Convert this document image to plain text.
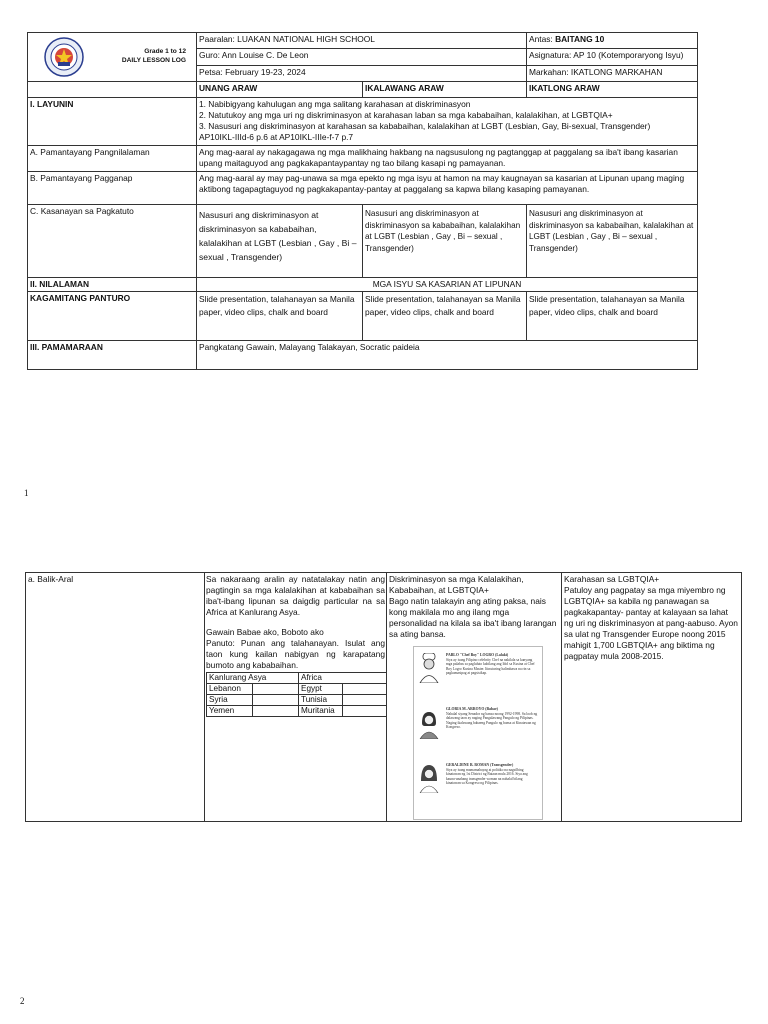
Grade 1 to 12
DAILY LESSON LOG	Paaralan: LUAKAN NATIONAL HIGH SCHOOL		Antas: BAITANG 10
	Guro: Ann Louise C. De Leon		Asignatura: AP 10 (Kotemporaryong Isyu)
	Petsa: February 19-23, 2024		Markahan: IKATLONG MARKAHAN
	UNANG ARAW	IKALAWANG ARAW	IKATLONG ARAW
I. LAYUNIN	1. Nabibigyang kahulugan ang mga salitang karahasan at diskriminasyon
2. Natutukoy ang mga uri ng diskriminasyon at karahasan laban sa mga kababaihan, kalalakihan, at LGBTQIA+
3. Nasusuri ang diskriminasyon at karahasan sa kababaihan, kalalakihan at LGBT (Lesbian, Gay, Bi-sexual, Transgender)
AP10IKL-IIId-6 p.6 at AP10IKL-IIIe-f-7 p.7		

A. Pamantayang Pangnilalaman	Ang mag-aaral ay nakagagawa ng mga malikhaing hakbang na nagsusulong ng pagtanggap at paggalang sa iba't ibang kasarian upang maitaguyod ang pagkakapantaypantay ng tao bilang kasapi ng pamayanan.		
B. Pamantayang Pagganap	Ang mag-aaral ay may pag-unawa sa mga epekto ng mga isyu at hamon na may kaugnayan sa kasarian at Lipunan upang maging aktibong tagapagtaguyod ng pagkakapantay-pantay at paggalang sa kapwa bilang kasaping pamayanan.		
C. Kasanayan sa Pagkatuto	Nasusuri ang diskriminasyon at diskriminasyon sa kababaihan, kalalakihan at LGBT (Lesbian , Gay , Bi – sexual , Transgender)	Nasusuri ang diskriminasyon at diskriminasyon sa kababaihan, kalalakihan at LGBT (Lesbian , Gay , Bi – sexual , Transgender)	Nasusuri ang diskriminasyon at diskriminasyon sa kababaihan, kalalakihan at LGBT (Lesbian , Gay , Bi – sexual , Transgender)
II. NILALAMAN	MGA ISYU SA KASARIAN AT LIPUNAN		
KAGAMITANG PANTURO	Slide presentation, talahanayan sa Manila paper, video clips, chalk and board	Slide presentation, talahanayan sa Manila paper, video clips, chalk and board	Slide presentation, talahanayan sa Manila paper, video clips, chalk and board
III. PAMAMARAAN	Pangkatang Gawain, Malayang Talakayan, Socratic paideia		
1
a. Balik-Aral	Sa nakaraang aralin ay natatalakay natin ang pagtingin sa mga kalalakihan at kababaihan sa iba't-ibang lipunan sa daigdig particular na sa Africa at Kanlurang Asya.
Gawain Babae ako, Boboto ako
Panuto: Punan ang talahanayan. Isulat ang taon kung kailan nabigyan ng karapatang bumoto ang kababaihan.
Kanlurang Asya	Africa
Lebanon		Egypt	
Syria		Tunisia	
Yemen		Muritania	

Diskriminasyon sa mga Kalalakihan, Kababaihan, at LGBTQIA+
Bago natin talakayin ang ating paksa, nais kong makilala mo ang ilang mga personalidad na kilala sa iba't ibang larangan sa ating bansa.
PABLO "Chef Boy" LOGRO (Lalaki)
Siya ay isang Filipino celebrity Chef na nakilala sa kanyang mga palabas sa pagluluto kabilang ang Idol sa Kusina at Chef Boy Logro Kusina Master. Itinuturing halimbawa na rin sa pagkamasipag at pagsisikap.
GLORIA M. ARROYO (Babae)
Nahalal siyang Senador ng bansa noong 1992-1998. Sa loob ng dalawang taon ay naging Pangalawang Pangulo ng Pilipinas. Naging ikalawang babaeng Pangulo ng bansa at Kinatawan ng Kongreso.
GERALDINE B. ROMAN (Transgender)
Siya ay isang mamamahayag at politiko na nagsilbing kinatawan ng 1st District ng Bataan mula 2016. Siya ang kauna-unahang transgender woman na nahalal bilang kinatawan sa Kongreso ng Pilipinas.

Karahasan sa LGBTQIA+
Patuloy ang pagpatay sa mga miyembro ng LGBTQIA+ sa kabila ng panawagan sa pagkakapantay- pantay at kalayaan sa lahat ng uri ng diskriminasyon at pang-aabuso. Ayon sa ulat ng Transgender Europe noong 2015 mahigit 1,700 LGBTQIA+ ang biktima ng pagpatay mula 2008-2015.
2
